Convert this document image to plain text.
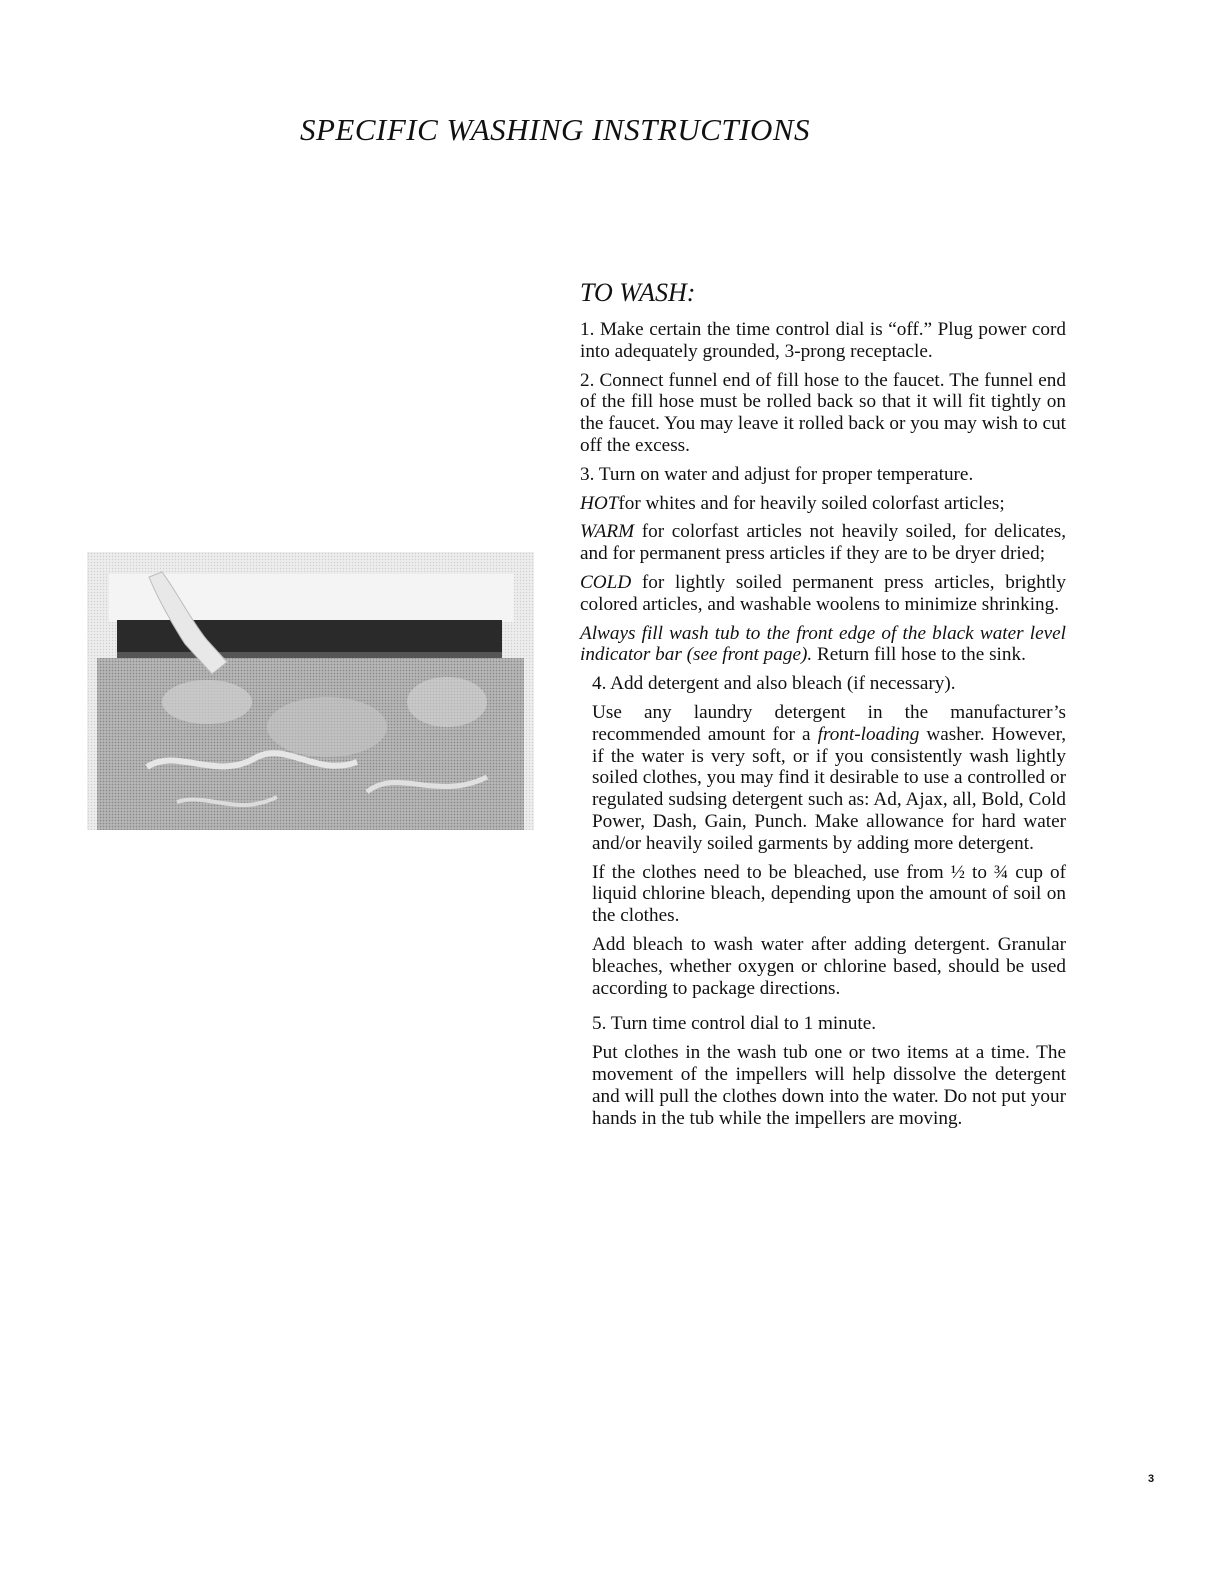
SPECIFIC WASHING INSTRUCTIONS

TO WASH:

1. Make certain the time control dial is “off.” Plug power cord into adequately grounded, 3-prong receptacle.

2. Connect funnel end of fill hose to the faucet. The funnel end of the fill hose must be rolled back so that it will fit tightly on the faucet. You may leave it rolled back or you may wish to cut off the excess.

3. Turn on water and adjust for proper temperature.

HOTfor whites and for heavily soiled colorfast articles;

WARM for colorfast articles not heavily soiled, for delicates, and for permanent press articles if they are to be dryer dried;

COLD for lightly soiled permanent press articles, brightly colored articles, and washable woolens to minimize shrinking.

Always fill wash tub to the front edge of the black water level indicator bar (see front page). Return fill hose to the sink.

4. Add detergent and also bleach (if necessary).

Use any laundry detergent in the manufacturer’s recommended amount for a front-loading washer. However, if the water is very soft, or if you consistently wash lightly soiled clothes, you may find it desirable to use a controlled or regulated sudsing detergent such as: Ad, Ajax, all, Bold, Cold Power, Dash, Gain, Punch. Make allowance for hard water and/or heavily soiled garments by adding more detergent.

If the clothes need to be bleached, use from ½ to ¾ cup of liquid chlorine bleach, depending upon the amount of soil on the clothes.

Add bleach to wash water after adding detergent. Granular bleaches, whether oxygen or chlorine based, should be used according to package directions.

5. Turn time control dial to 1 minute.

Put clothes in the wash tub one or two items at a time. The movement of the impellers will help dissolve the detergent and will pull the clothes down into the water. Do not put your hands in the tub while the impellers are moving.

3
